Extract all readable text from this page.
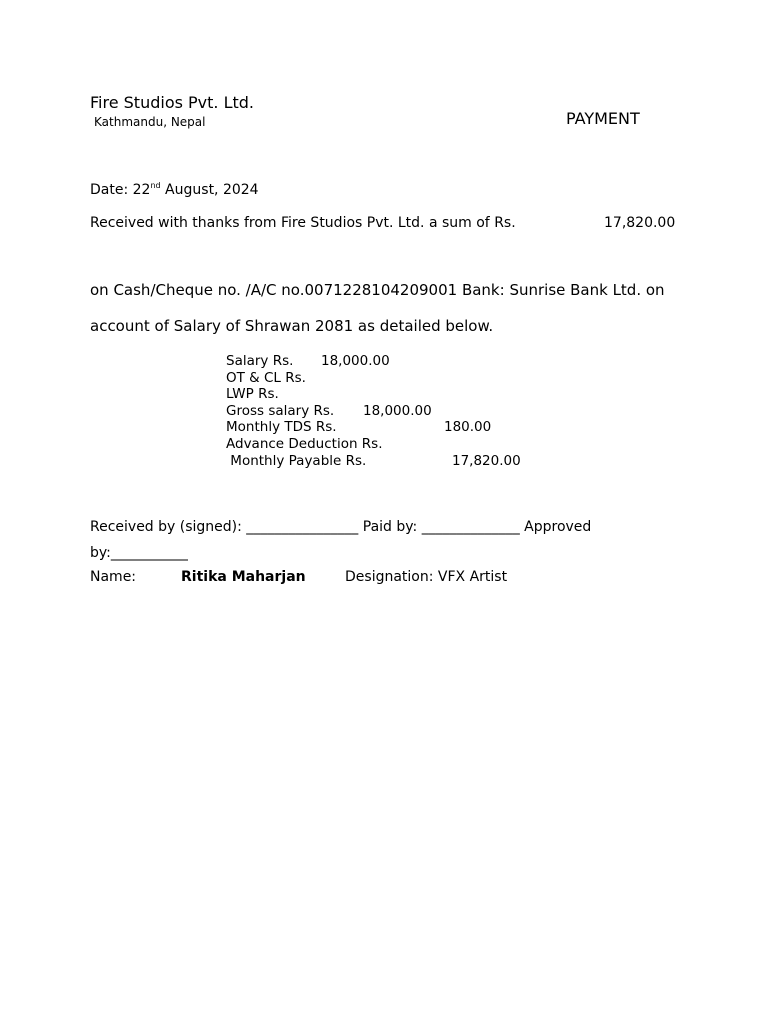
Fire Studios Pvt. Ltd.
Kathmandu, Nepal	PAYMENT
Date: 22nd August, 2024
Received with thanks from Fire Studios Pvt. Ltd. a sum of Rs.	17,820.00
on Cash/Cheque no. /A/C no.0071228104209001 Bank: Sunrise Bank Ltd. on
account of Salary of Shrawan 2081 as detailed below.
Salary Rs. 18,000.00
OT & CL Rs.
LWP Rs.
Gross salary Rs. 18,000.00
Monthly TDS Rs.	180.00
Advance Deduction Rs.
Monthly Payable Rs.	17,820.00
Received by (signed): ________________ Paid by: ______________ Approved
by:___________
Name:	Ritika Maharjan	Designation: VFX Artist
